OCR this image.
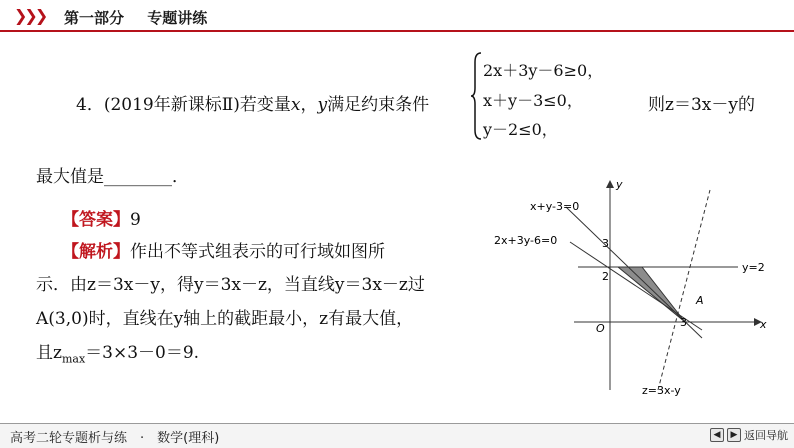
❯❯❯ 第一部分 专题讲练
4．(2019年新课标Ⅱ)若变量x，y满足约束条件
2x＋3y－6≥0，
x＋y－3≤0，
y－2≤0，
则z＝3x－y的
最大值是________．
【答案】9
【解析】作出不等式组表示的可行域如图所
示．由z＝3x－y，得y＝3x－z，当直线y＝3x－z过
A(3,0)时，直线在y轴上的截距最小，z有最大值，
且$z_{max}=3\times 3-0=9$.
x+y-3=0
2x+3y-6=0
y=2
z=3x-y
x
y
O
3
2
3
A
高考二轮专题析与练　·　数学(理科)	◀	▶ 返回导航
